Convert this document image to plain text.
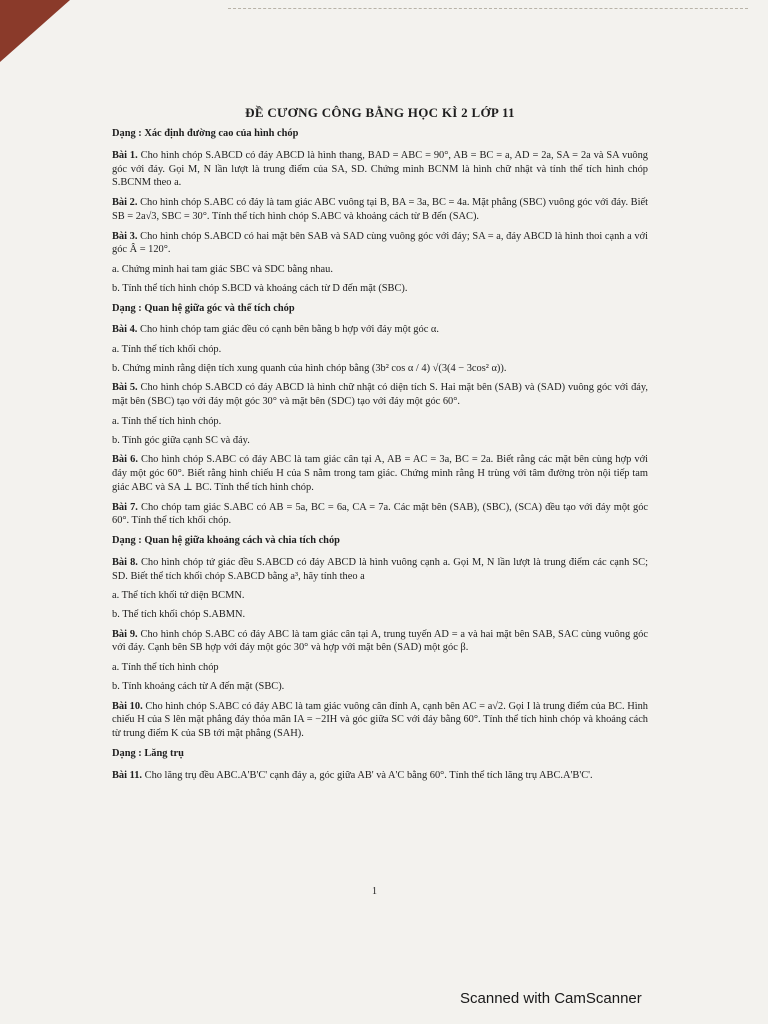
ĐỀ CƯƠNG CÔNG BẰNG HỌC KÌ 2 LỚP 11
Dạng : Xác định đường cao của hình chóp
Bài 1. Cho hình chóp S.ABCD có đáy ABCD là hình thang, BAD = ABC = 90°, AB = BC = a, AD = 2a, SA = 2a và SA vuông góc với đáy. Gọi M, N lần lượt là trung điểm của SA, SD. Chứng minh BCNM là hình chữ nhật và tính thể tích hình chóp S.BCNM theo a.
Bài 2. Cho hình chóp S.ABC có đáy là tam giác ABC vuông tại B, BA = 3a, BC = 4a. Mặt phẳng (SBC) vuông góc với đáy. Biết SB = 2a√3, SBC = 30°. Tính thể tích hình chóp S.ABC và khoảng cách từ B đến (SAC).
Bài 3. Cho hình chóp S.ABCD có hai mặt bên SAB và SAD cùng vuông góc với đáy; SA = a, đáy ABCD là hình thoi cạnh a với góc Â = 120°.
a. Chứng minh hai tam giác SBC và SDC bằng nhau.
b. Tính thể tích hình chóp S.BCD và khoảng cách từ D đến mặt (SBC).
Dạng : Quan hệ giữa góc và thể tích chóp
Bài 4. Cho hình chóp tam giác đều có cạnh bên bằng b hợp với đáy một góc α.
a. Tính thể tích khối chóp.
b. Chứng minh rằng diện tích xung quanh của hình chóp bằng (3b² cos α / 4) √(3(4 − 3cos² α)).
Bài 5. Cho hình chóp S.ABCD có đáy ABCD là hình chữ nhật có diện tích S. Hai mặt bên (SAB) và (SAD) vuông góc với đáy, mặt bên (SBC) tạo với đáy một góc 30° và mặt bên (SDC) tạo với đáy một góc 60°.
a. Tính thể tích hình chóp.
b. Tính góc giữa cạnh SC và đáy.
Bài 6. Cho hình chóp S.ABC có đáy ABC là tam giác cân tại A, AB = AC = 3a, BC = 2a. Biết rằng các mặt bên cùng hợp với đáy một góc 60°. Biết rằng hình chiếu H của S nằm trong tam giác. Chứng minh rằng H trùng với tâm đường tròn nội tiếp tam giác ABC và SA ⊥ BC. Tính thể tích hình chóp.
Bài 7. Cho chóp tam giác S.ABC có AB = 5a, BC = 6a, CA = 7a. Các mặt bên (SAB), (SBC), (SCA) đều tạo với đáy một góc 60°. Tính thể tích khối chóp.
Dạng : Quan hệ giữa khoảng cách và chia tích chóp
Bài 8. Cho hình chóp tứ giác đều S.ABCD có đáy ABCD là hình vuông cạnh a. Gọi M, N lần lượt là trung điểm các cạnh SC; SD. Biết thể tích khối chóp S.ABCD bằng a³, hãy tính theo a
a. Thể tích khối tứ diện BCMN.
b. Thể tích khối chóp S.ABMN.
Bài 9. Cho hình chóp S.ABC có đáy ABC là tam giác cân tại A, trung tuyến AD = a và hai mặt bên SAB, SAC cùng vuông góc với đáy. Cạnh bên SB hợp với đáy một góc 30° và hợp với mặt bên (SAD) một góc β.
a. Tính thể tích hình chóp
b. Tính khoảng cách từ A đến mặt (SBC).
Bài 10. Cho hình chóp S.ABC có đáy ABC là tam giác vuông cân đỉnh A, cạnh bên AC = a√2. Gọi I là trung điểm của BC. Hình chiếu H của S lên mặt phẳng đáy thỏa mãn IA = −2IH và góc giữa SC với đáy bằng 60°. Tính thể tích hình chóp và khoảng cách từ trung điểm K của SB tới mặt phẳng (SAH).
Dạng : Lăng trụ
Bài 11. Cho lăng trụ đều ABC.A'B'C' cạnh đáy a, góc giữa AB' và A'C bằng 60°. Tính thể tích lăng trụ ABC.A'B'C'.
1
Scanned with CamScanner
